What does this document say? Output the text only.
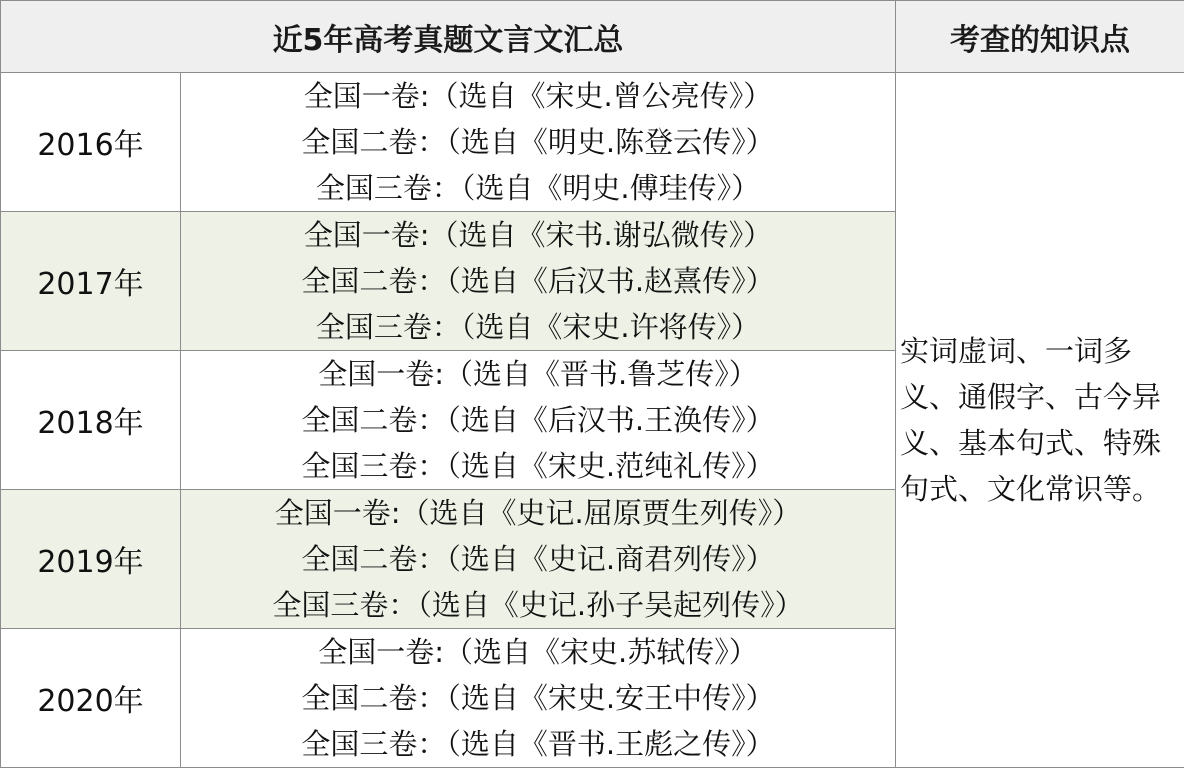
近5年高考真题文言文汇总		考查的知识点
2016年	全国一卷:（选自《宋史.曾公亮传》）
全国二卷：（选自《明史.陈登云传》）
全国三卷：（选自《明史.傅珪传》）	实词虚词、一词多义、通假字、古今异义、基本句式、特殊句式、文化常识等。

2017年	全国一卷:（选自《宋书.谢弘微传》）
全国二卷：（选自《后汉书.赵熹传》）
全国三卷：（选自《宋史.许将传》）	

2018年	全国一卷:（选自《晋书.鲁芝传》）
全国二卷：（选自《后汉书.王涣传》）
全国三卷：（选自《宋史.范纯礼传》）	

2019年	全国一卷:（选自《史记.屈原贾生列传》）
全国二卷：（选自《史记.商君列传》）
全国三卷：（选自《史记.孙子吴起列传》）	

2020年	全国一卷:（选自《宋史.苏轼传》）
全国二卷：（选自《宋史.安王中传》）
全国三卷：（选自《晋书.王彪之传》）	
